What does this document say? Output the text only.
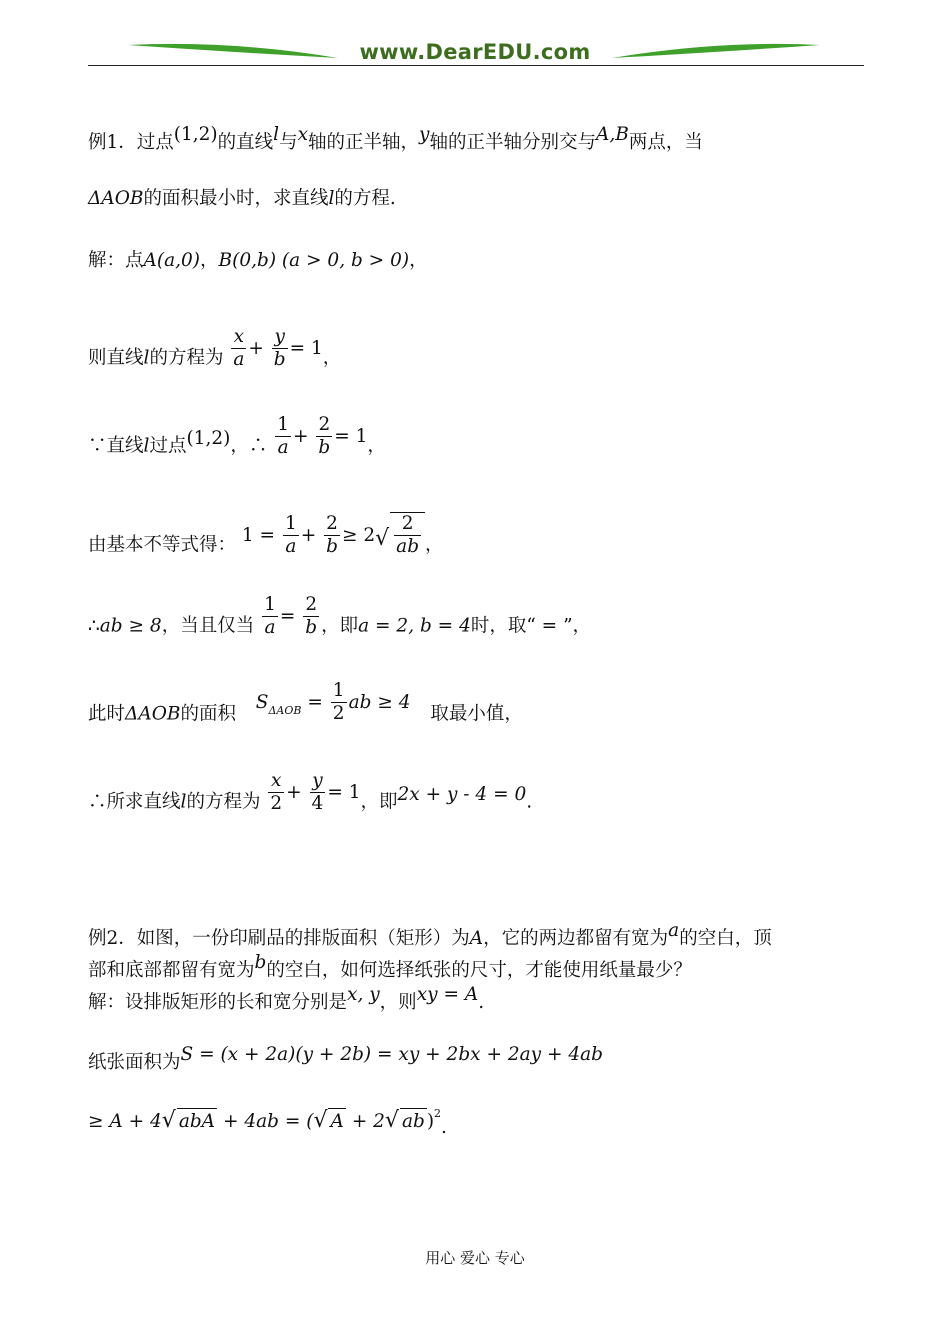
www.DearEDU.com
例1．过点(1,2)的直线l与x轴的正半轴，y轴的正半轴分别交与A,B两点，当
ΔAOB的面积最小时，求直线l的方程.
解：点A(a,0)，B(0,b) (a > 0, b > 0)，
则直线l的方程为 $\frac{x}{a} + \frac{y}{b} = 1$，
∵直线l过点(1,2)，∴ $\frac{1}{a} + \frac{2}{b} = 1$，
由基本不等式得： $1 = \frac{1}{a} + \frac{2}{b} \ge 2√ \frac{2}{ab}$ ，
∴ab ≥ 8，当且仅当 $\frac{1}{a} = \frac{2}{b}$ ，即a = 2, b = 4时，取“ = ”，
此时ΔAOB的面积  $S^{\Delta AOB} = \frac{1}{2}$ ab ≥ 4 取最小值，
∴所求直线l的方程为 $\frac{x}{2} + \frac{y}{4} = 1$，即2x + y - 4 = 0.
例2．如图，一份印刷品的排版面积（矩形）为A，它的两边都留有宽为a的空白，顶
部和底部都留有宽为b的空白，如何选择纸张的尺寸，才能使用纸量最少？
解：设排版矩形的长和宽分别是x, y，则xy = A.
纸张面积为S = (x + 2a)(y + 2b) = xy + 2bx + 2ay + 4ab
≥ A + 4√ abA + 4ab = (√ A + 2√ ab )$^2$.
用心 爱心 专心
